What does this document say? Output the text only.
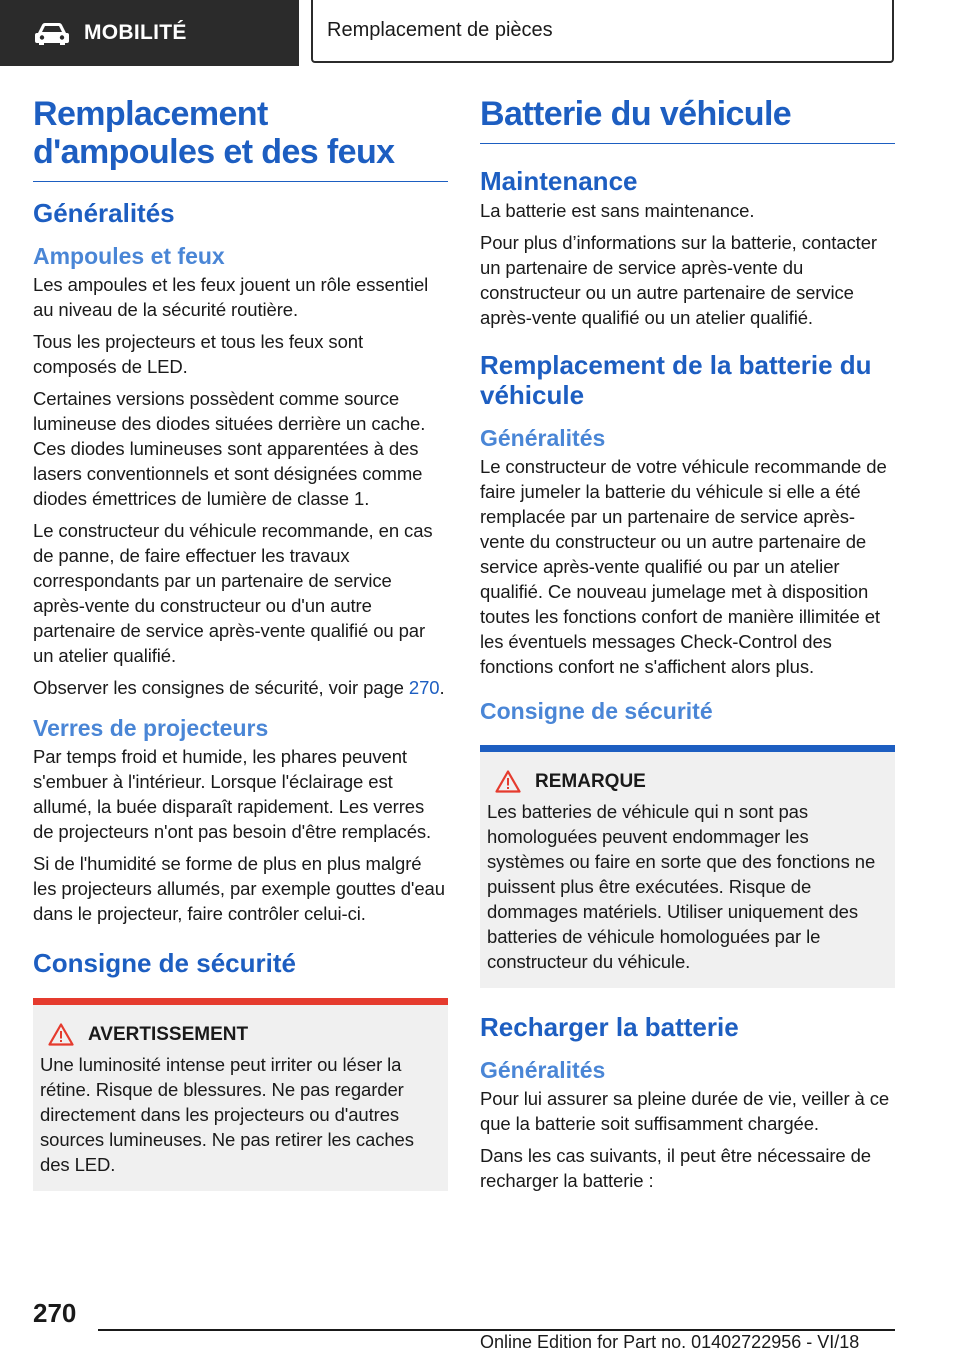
MOBILITÉ	Remplacement de pièces
Remplacement d'ampoules et des feux
Généralités
Ampoules et feux

Les ampoules et les feux jouent un rôle essentiel au niveau de la sécurité routière.

Tous les projecteurs et tous les feux sont composés de LED.

Certaines versions possèdent comme source lumineuse des diodes situées derrière un cache. Ces diodes lumineuses sont apparentées à des lasers conventionnels et sont désignées comme diodes émettrices de lumière de classe 1.

Le constructeur du véhicule recommande, en cas de panne, de faire effectuer les travaux correspondants par un partenaire de service après-vente du constructeur ou d'un autre partenaire de service après-vente qualifié ou par un atelier qualifié.

Observer les consignes de sécurité, voir page 270.

Verres de projecteurs

Par temps froid et humide, les phares peuvent s'embuer à l'intérieur. Lorsque l'éclairage est allumé, la buée disparaît rapidement. Les verres de projecteurs n'ont pas besoin d'être remplacés.

Si de l'humidité se forme de plus en plus malgré les projecteurs allumés, par exemple gouttes d'eau dans le projecteur, faire contrôler celui-ci.

Consigne de sécurité
AVERTISSEMENT

Une luminosité intense peut irriter ou léser la rétine. Risque de blessures. Ne pas regarder directement dans les projecteurs ou d'autres sources lumineuses. Ne pas retirer les caches des LED.

Batterie du véhicule
Maintenance

La batterie est sans maintenance.

Pour plus d’informations sur la batterie, contacter un partenaire de service après-vente du constructeur ou un autre partenaire de service après-vente qualifié ou un atelier qualifié.

Remplacement de la batterie du véhicule
Généralités

Le constructeur de votre véhicule recommande de faire jumeler la batterie du véhicule si elle a été remplacée par un partenaire de service après-vente du constructeur ou un autre partenaire de service après-vente qualifié ou par un atelier qualifié. Ce nouveau jumelage met à disposition toutes les fonctions confort de manière illimitée et les éventuels messages Check-Control des fonctions confort ne s'affichent alors plus.

Consigne de sécurité
REMARQUE

Les batteries de véhicule qui n sont pas homologuées peuvent endommager les systèmes ou faire en sorte que des fonctions ne puissent plus être exécutées. Risque de dommages matériels. Utiliser uniquement des batteries de véhicule homologuées par le constructeur du véhicule.

Recharger la batterie
Généralités

Pour lui assurer sa pleine durée de vie, veiller à ce que la batterie soit suffisamment chargée.

Dans les cas suivants, il peut être nécessaire de recharger la batterie :

270
Online Edition for Part no. 01402722956 - VI/18
